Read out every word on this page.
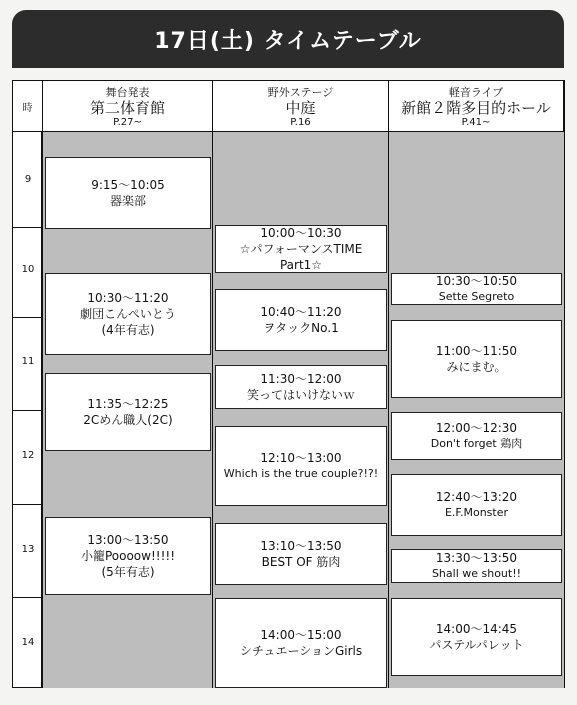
17日(土) タイムテーブル
時
舞台発表
第二体育館
P.27~
野外ステージ
中庭
P.16
軽音ライブ
新館２階多目的ホール
P.41~
9
10
11
12
13
14
9:15〜10:05
器楽部
10:30〜11:20
劇団こんぺいとう
(4年有志)
11:35〜12:25
2Cめん職人(2C)
13:00〜13:50
小籠Poooow!!!!!
(5年有志)
10:00〜10:30
☆パフォーマンスTIME
Part1☆
10:40〜11:20
ヲタックNo.1
11:30〜12:00
笑ってはいけないｗ
12:10〜13:00
Which is the true couple?!?!
13:10〜13:50
BEST OF 筋肉
14:00〜15:00
シチュエーションGirls
10:30〜10:50
Sette Segreto
11:00〜11:50
みにまむ。
12:00〜12:30
Don't forget 鶏肉
12:40〜13:20
E.F.Monster
13:30〜13:50
Shall we shout!!
14:00〜14:45
パステルパレット
